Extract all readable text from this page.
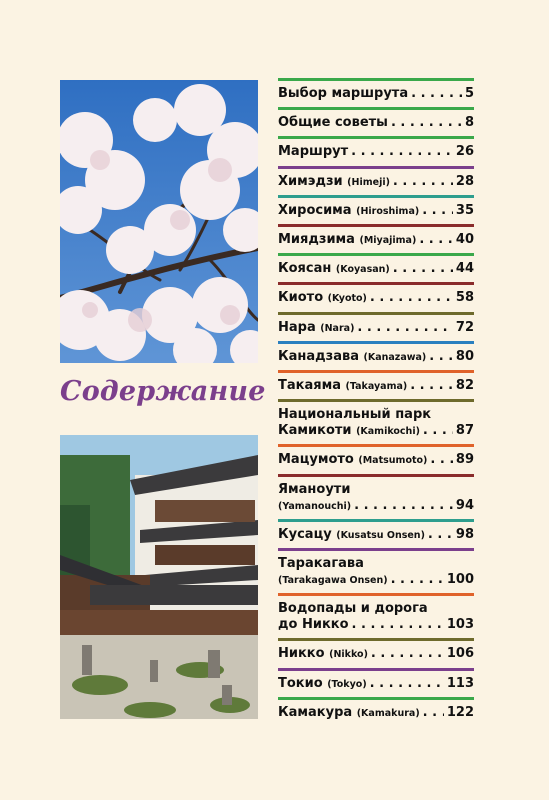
Содержание
Выбор маршрута . . .	5
Общие советы . . .	8
Маршрут . . .	26
Химэдзи (Himeji) . . .	28
Хиросима (Hiroshima) . . .	35
Миядзима (Miyajima) . . .	40
Коясан (Koyasan) . . .	44
Киото (Kyoto) . . .	58
Нара (Nara) . . .	72
Канадзава (Kanazawa) . . . 80
Такаяма (Takayama) . . .	82
Национальный парк
Камикоти (Kamikochi) . . .	87
Мацумото (Matsumoto) . . . 89
Яманоути
(Yamanouchi) . . .	94
Кусацу (Kusatsu Onsen) . . . 98
Таракагава
(Tarakagawa Onsen) . . .	100
Водопады и дорога
до Никко . . .	103
Никко (Nikko) . . .	106
Токио (Tokyo) . . .	113
Камакура (Kamakura) . . . 122
